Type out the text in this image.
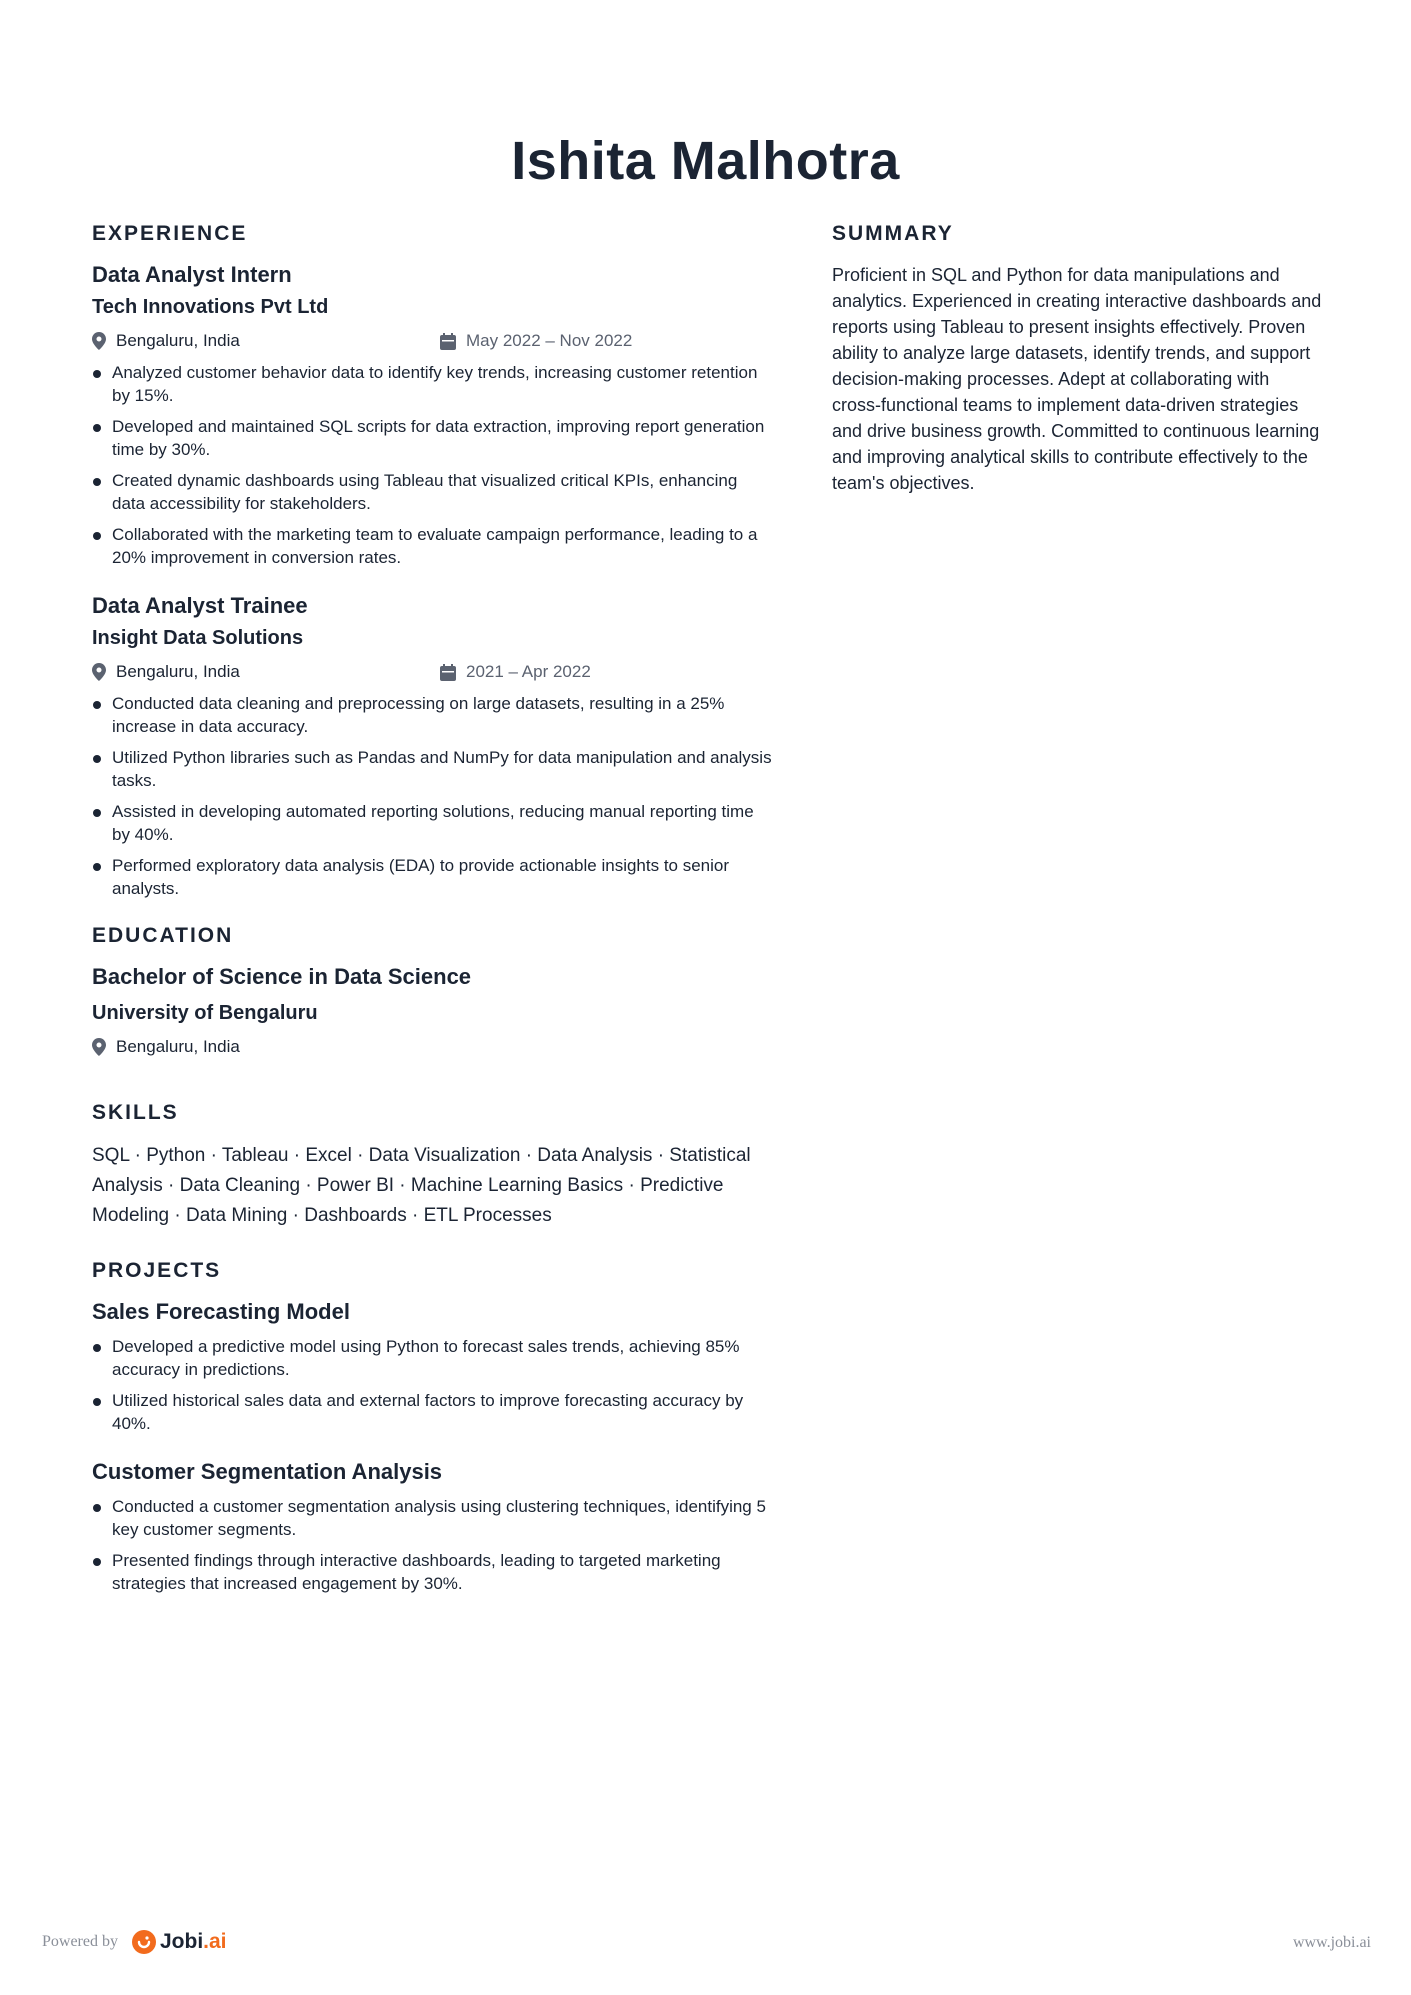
Ishita Malhotra
EXPERIENCE
Data Analyst Intern
Tech Innovations Pvt Ltd
Bengaluru, India	May 2022 – Nov 2022
Analyzed customer behavior data to identify key trends, increasing customer retention by 15%.
Developed and maintained SQL scripts for data extraction, improving report generation time by 30%.
Created dynamic dashboards using Tableau that visualized critical KPIs, enhancing data accessibility for stakeholders.
Collaborated with the marketing team to evaluate campaign performance, leading to a 20% improvement in conversion rates.
Data Analyst Trainee
Insight Data Solutions
Bengaluru, India	2021 – Apr 2022
Conducted data cleaning and preprocessing on large datasets, resulting in a 25% increase in data accuracy.
Utilized Python libraries such as Pandas and NumPy for data manipulation and analysis tasks.
Assisted in developing automated reporting solutions, reducing manual reporting time by 40%.
Performed exploratory data analysis (EDA) to provide actionable insights to senior analysts.
EDUCATION
Bachelor of Science in Data Science
University of Bengaluru
Bengaluru, India
SKILLS

SQL · Python · Tableau · Excel · Data Visualization · Data Analysis · Statistical Analysis · Data Cleaning · Power BI · Machine Learning Basics · Predictive Modeling · Data Mining · Dashboards · ETL Processes

PROJECTS
Sales Forecasting Model
Developed a predictive model using Python to forecast sales trends, achieving 85% accuracy in predictions.
Utilized historical sales data and external factors to improve forecasting accuracy by 40%.
Customer Segmentation Analysis
Conducted a customer segmentation analysis using clustering techniques, identifying 5 key customer segments.
Presented findings through interactive dashboards, leading to targeted marketing strategies that increased engagement by 30%.
SUMMARY

Proficient in SQL and Python for data manipulations and analytics. Experienced in creating interactive dashboards and reports using Tableau to present insights effectively. Proven ability to analyze large datasets, identify trends, and support decision-making processes. Adept at collaborating with cross-functional teams to implement data-driven strategies and drive business growth. Committed to continuous learning and improving analytical skills to contribute effectively to the team's objectives.

Powered by Jobi.ai	www.jobi.ai
